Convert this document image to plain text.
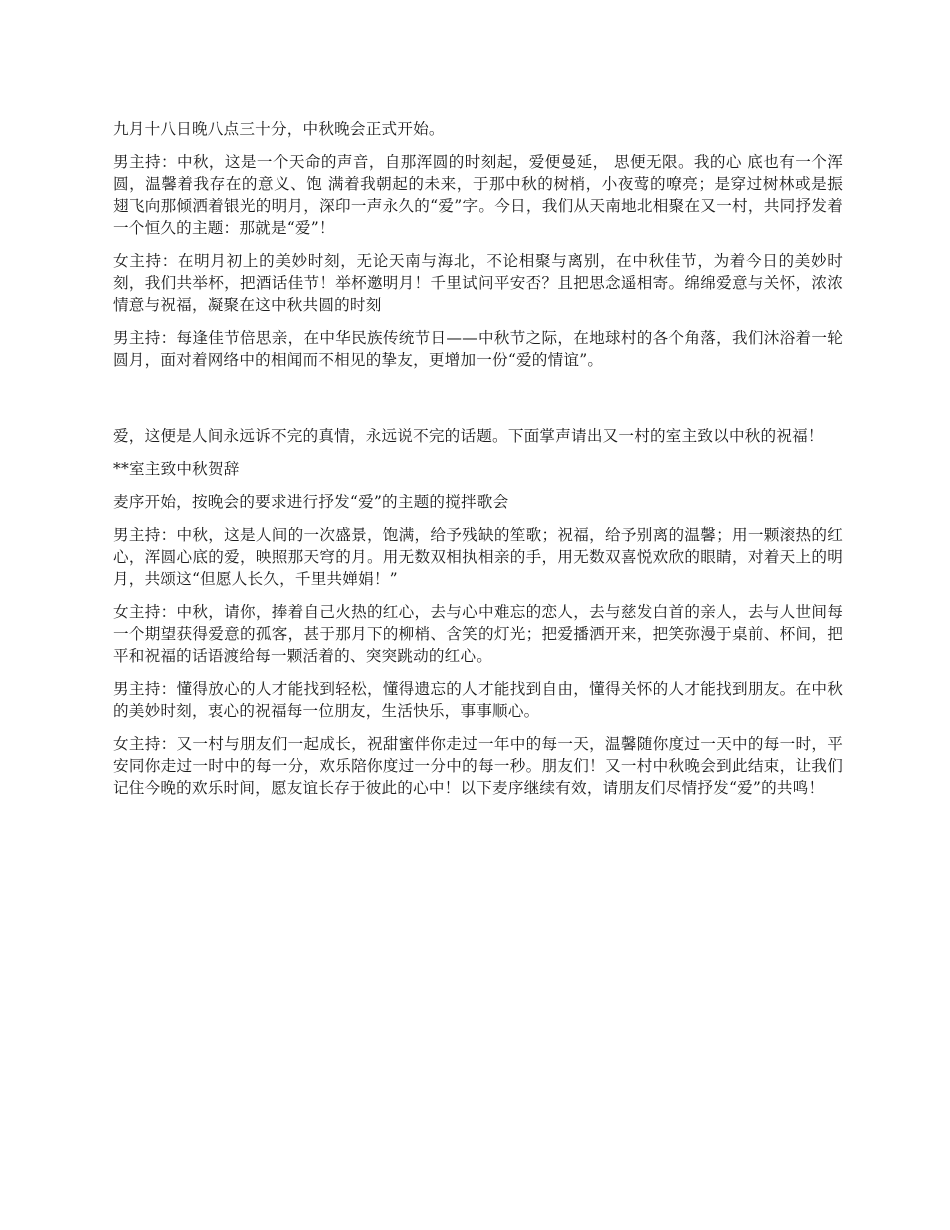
九月十八日晚八点三十分，中秋晚会正式开始。

男主持：中秋，这是一个天命的声音，自那浑圆的时刻起，爱便曼延， 思便无限。我的心 底也有一个浑圆，温馨着我存在的意义、饱 满着我朝起的未来，于那中秋的树梢，小夜莺的嘹亮；是穿过树林或是振翅飞向那倾洒着银光的明月，深印一声永久的“爱”字。今日，我们从天南地北相聚在又一村，共同抒发着一个恒久的主题：那就是“爱”！

女主持：在明月初上的美妙时刻，无论天南与海北，不论相聚与离别，在中秋佳节，为着今日的美妙时刻，我们共举杯，把酒话佳节！举杯邀明月！千里试问平安否？且把思念遥相寄。绵绵爱意与关怀，浓浓情意与祝福，凝聚在这中秋共圆的时刻

男主持：每逢佳节倍思亲，在中华民族传统节日——中秋节之际，在地球村的各个角落，我们沐浴着一轮圆月，面对着网络中的相闻而不相见的挚友，更增加一份“爱的情谊”。

爱，这便是人间永远诉不完的真情，永远说不完的话题。下面掌声请出又一村的室主致以中秋的祝福！

**室主致中秋贺辞

麦序开始，按晚会的要求进行抒发“爱”的主题的搅拌歌会

男主持：中秋，这是人间的一次盛景，饱满，给予残缺的笙歌；祝福，给予别离的温馨；用一颗滚热的红心，浑圆心底的爱，映照那天穹的月。用无数双相执相亲的手，用无数双喜悦欢欣的眼睛，对着天上的明月，共颂这“但愿人长久，千里共婵娟！”

女主持：中秋，请你，捧着自己火热的红心，去与心中难忘的恋人，去与慈发白首的亲人，去与人世间每一个期望获得爱意的孤客，甚于那月下的柳梢、含笑的灯光；把爱播洒开来，把笑弥漫于桌前、杯间，把平和祝福的话语渡给每一颗活着的、突突跳动的红心。

男主持：懂得放心的人才能找到轻松，懂得遗忘的人才能找到自由，懂得关怀的人才能找到朋友。在中秋的美妙时刻，衷心的祝福每一位朋友，生活快乐，事事顺心。

女主持：又一村与朋友们一起成长，祝甜蜜伴你走过一年中的每一天，温馨随你度过一天中的每一时，平安同你走过一时中的每一分，欢乐陪你度过一分中的每一秒。朋友们！又一村中秋晚会到此结束，让我们记住今晚的欢乐时间，愿友谊长存于彼此的心中！以下麦序继续有效，请朋友们尽情抒发“爱”的共鸣！
